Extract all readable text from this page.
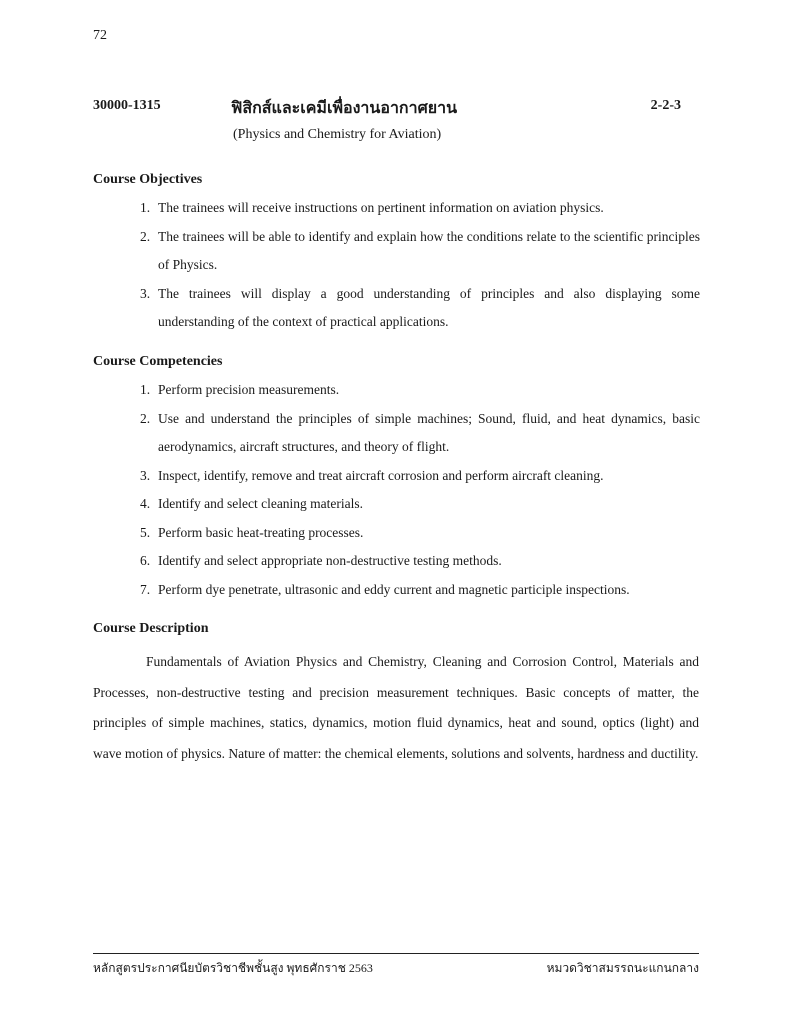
72
30000-1315	ฟิสิกส์และเคมีเพื่องานอากาศยาน	2-2-3
(Physics and Chemistry for Aviation)
Course Objectives
1. The trainees will receive instructions on pertinent information on aviation physics.
2. The trainees will be able to identify and explain how the conditions relate to the scientific principles of Physics.
3. The trainees will display a good understanding of principles and also displaying some understanding of the context of practical applications.
Course Competencies
1. Perform precision measurements.
2. Use and understand the principles of simple machines; Sound, fluid, and heat dynamics, basic aerodynamics, aircraft structures, and theory of flight.
3. Inspect, identify, remove and treat aircraft corrosion and perform aircraft cleaning.
4. Identify and select cleaning materials.
5. Perform basic heat-treating processes.
6. Identify and select appropriate non-destructive testing methods.
7. Perform dye penetrate, ultrasonic and eddy current and magnetic participle inspections.
Course Description

Fundamentals of Aviation Physics and Chemistry, Cleaning and Corrosion Control, Materials and Processes, non-destructive testing and precision measurement techniques. Basic concepts of matter, the principles of simple machines, statics, dynamics, motion fluid dynamics, heat and sound, optics (light) and wave motion of physics. Nature of matter: the chemical elements, solutions and solvents, hardness and ductility.

หลักสูตรประกาศนียบัตรวิชาชีพชั้นสูง พุทธศักราช 2563	หมวดวิชาสมรรถนะแกนกลาง
